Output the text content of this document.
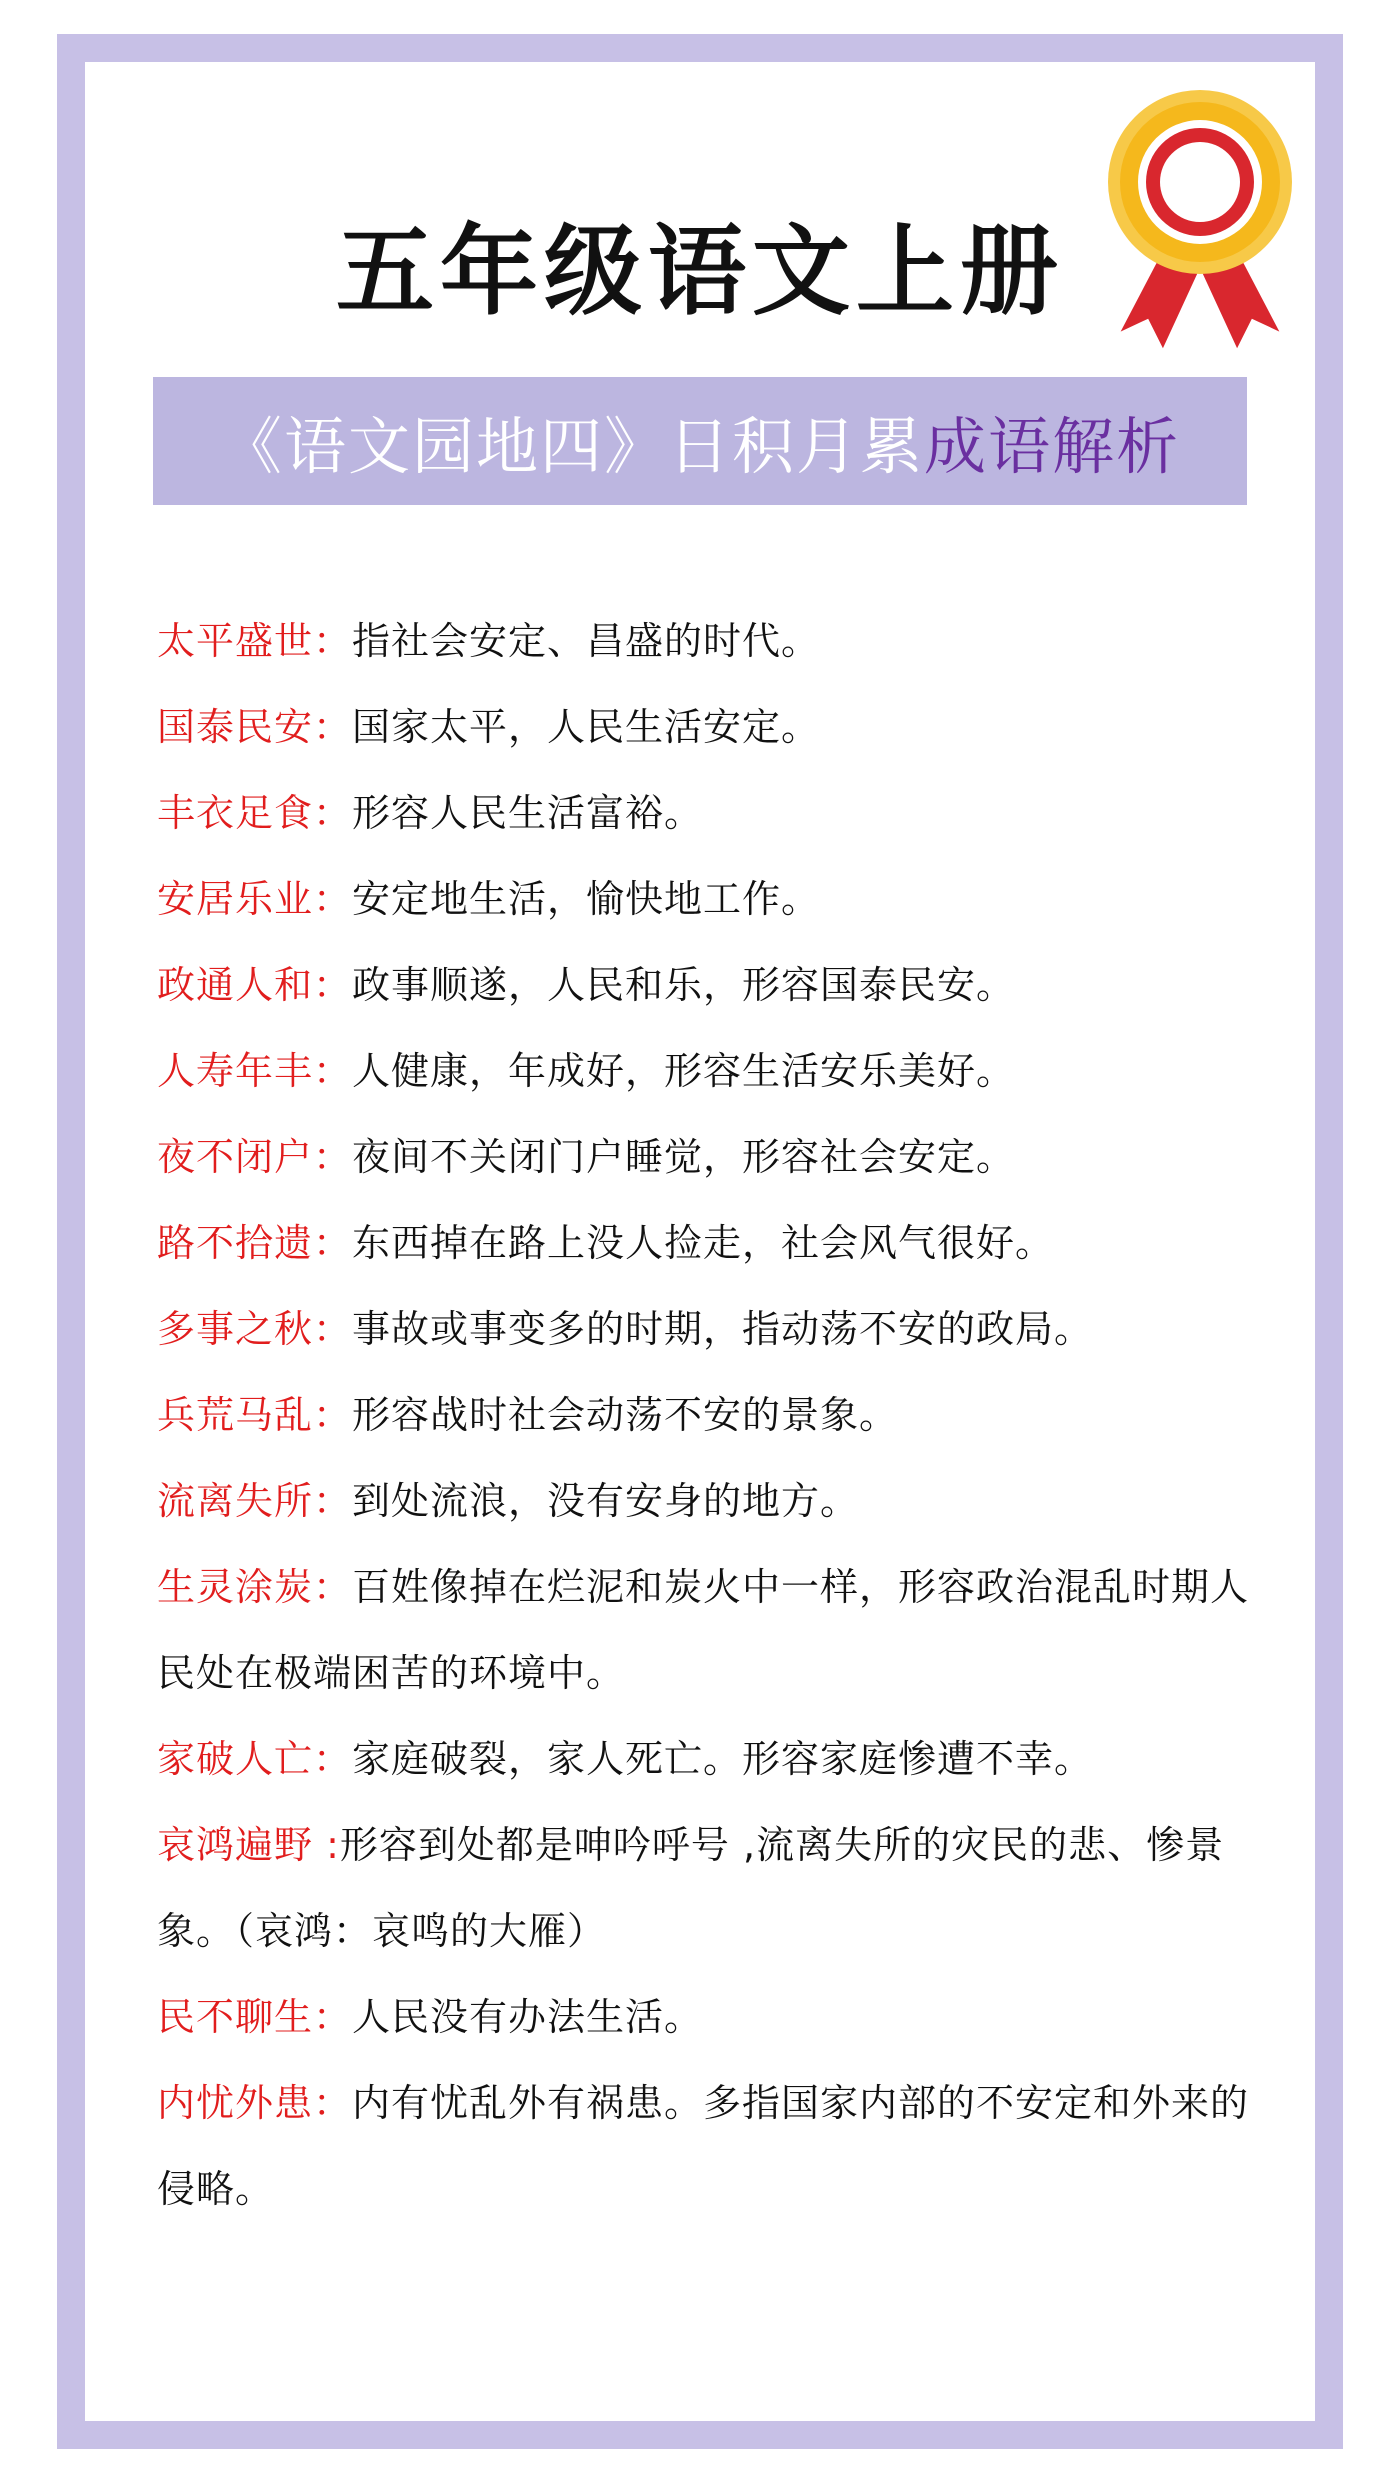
五年级语文上册
《语文园地四》日积月累 成语解析
太平盛世：指社会安定、昌盛的时代。
国泰民安：国家太平，人民生活安定。
丰衣足食：形容人民生活富裕。
安居乐业：安定地生活，愉快地工作。
政通人和：政事顺遂，人民和乐，形容国泰民安。
人寿年丰：人健康，年成好，形容生活安乐美好。
夜不闭户：夜间不关闭门户睡觉，形容社会安定。
路不拾遗：东西掉在路上没人捡走，社会风气很好。
多事之秋：事故或事变多的时期，指动荡不安的政局。
兵荒马乱：形容战时社会动荡不安的景象。
流离失所：到处流浪，没有安身的地方。
生灵涂炭：百姓像掉在烂泥和炭火中一样，形容政治混乱时期人民处在极端困苦的环境中。
家破人亡：家庭破裂，家人死亡。形容家庭惨遭不幸。
哀鸿遍野 :形容到处都是呻吟呼号 ,流离失所的灾民的悲、惨景象。（哀鸿：哀鸣的大雁）
民不聊生：人民没有办法生活。
内忧外患：内有忧乱外有祸患。多指国家内部的不安定和外来的侵略。
